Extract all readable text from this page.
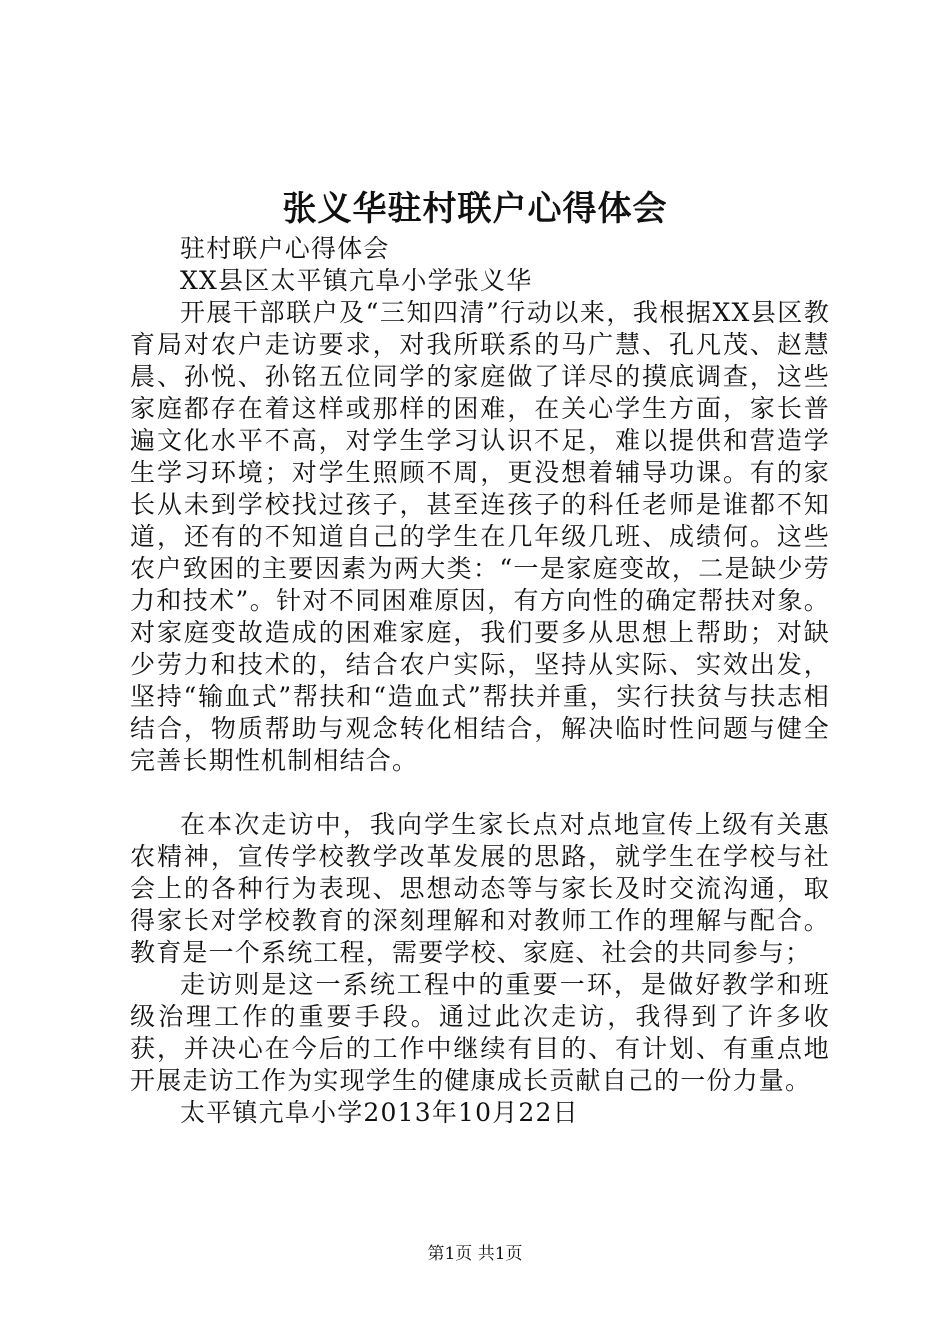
张义华驻村联户心得体会

驻村联户心得体会

XX县区太平镇亢阜小学张义华

开展干部联户及“三知四清”行动以来，我根据XX县区教育局对农户走访要求，对我所联系的马广慧、孔凡茂、赵慧晨、孙悦、孙铭五位同学的家庭做了详尽的摸底调查，这些家庭都存在着这样或那样的困难，在关心学生方面，家长普遍文化水平不高，对学生学习认识不足，难以提供和营造学生学习环境；对学生照顾不周，更没想着辅导功课。有的家长从未到学校找过孩子，甚至连孩子的科任老师是谁都不知道，还有的不知道自己的学生在几年级几班、成绩何。这些农户致困的主要因素为两大类：“一是家庭变故，二是缺少劳力和技术”。针对不同困难原因，有方向性的确定帮扶对象。对家庭变故造成的困难家庭，我们要多从思想上帮助；对缺少劳力和技术的，结合农户实际，坚持从实际、实效出发，坚持“输血式”帮扶和“造血式”帮扶并重，实行扶贫与扶志相结合，物质帮助与观念转化相结合，解决临时性问题与健全完善长期性机制相结合。

在本次走访中，我向学生家长点对点地宣传上级有关惠农精神，宣传学校教学改革发展的思路，就学生在学校与社会上的各种行为表现、思想动态等与家长及时交流沟通，取得家长对学校教育的深刻理解和对教师工作的理解与配合。教育是一个系统工程，需要学校、家庭、社会的共同参与；

走访则是这一系统工程中的重要一环，是做好教学和班级治理工作的重要手段。通过此次走访，我得到了许多收获，并决心在今后的工作中继续有目的、有计划、有重点地开展走访工作为实现学生的健康成长贡献自己的一份力量。

太平镇亢阜小学2013年10月22日

第1页 共1页
